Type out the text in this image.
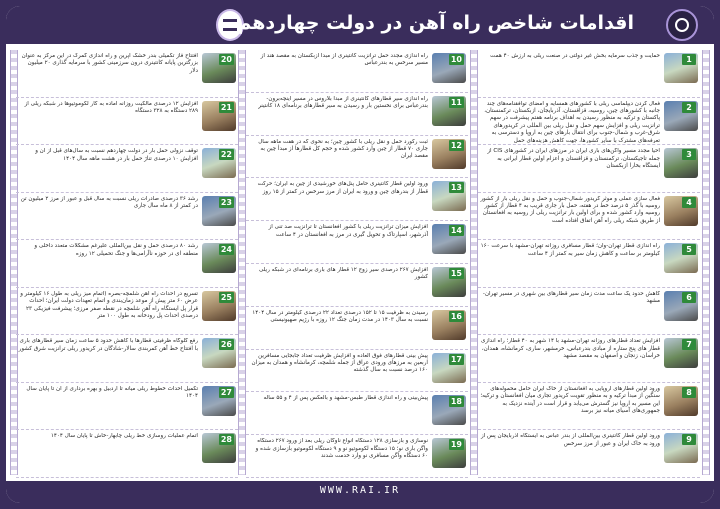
اقدامات شاخص راه آهن در دولت چهاردهم
1
حمایت و جذب سرمایه بخش غیر دولتی در صنعت ریلی به ارزش ۴۰ همت
2
فعال کردن دیپلماسی ریلی با کشورهای همسایه و امضای توافقنامه‌های چند جانبه با کشورهای چین، روسیه، قزاقستان، آذربایجان، ازبکستان، ترکمنستان، پاکستان و ترکیه به منظور رسیدن به اهداف برنامه هفتم پیشرفت در سهم ترانزیت ریلی و افزایش سهم حمل و نقل ریلی بین المللی در کریدورهای شرق-غرب و شمال-جنوب برای انتقال بارهای چین به اروپا و دسترسی به تعرفه‌های مشترک با سایر کشورها، جهت کاهش هزینه‌های حمل
3
احیا مجدد مسیر واگن‌های باری ایران در مرزهای ایران در کشورهای CIS از جمله تاجیکستان، ترکمنستان و قزاقستان و اعزام اولین قطار ایرانی به ایستگاه بخارا ازبکستان
4
فعال سازی عملی و موثر کریدور شمال-جنوب و حمل و نقل ریلی بار از کشور روسیه با گذر ۵ درصد خط در هفته، حمل بار جاری قریب به ۴ قطار از کشور روسیه وارد کشور شده و برای اولین بار ترانزیت ریلی از روسیه به افغانستان از طریق شبکه ریلی راه آهن اتفاق افتاده است
5
راه اندازی قطار تهران-وان؛ قطار مسافری روزانه تهران-مشهد با سرعت ۱۶۰ کیلومتر بر ساعت و کاهش زمان سیر به کمتر از ۴ ساعت
6
کاهش حدود یک ساعت مدت زمان سیر قطارهای بین شهری در مسیر تهران-مشهد
7
افزایش تعداد قطارهای روزانه تهران-مشهد با ۱۴ شهر به ۴۰ قطار؛ راه اندازی قطار های پنج ستاره از مبادی بندرعباس، خرمشهر، ساری، کرمانشاه، همدان، خراسان، زنجان و اصفهان به مقصد مشهد
8
ورود اولین قطارهای اروپایی به افغانستان از خاک ایران حامل محموله‌های سنگین از مبدأ ترکیه و به منظور تقویت کریدور تجاری میان افغانستان و ترکیه؛ این مسیر به اروپا نیز گسترش می‌یابد و قرار است در آینده نزدیک به جمهوری‌های آسیای میانه نیز برسد
9
ورود اولین قطار کانتینری بین‌المللی از بندر عباس به ایستگاه آذربایجان پس از ورود به خاک ایران و عبور از مرز سرخس
10
راه اندازی مجدد حمل ترانزیت کانتینری از مبدا ازبکستان به مقصد هند از مسیر سرخس به بندرعباس
11
راه اندازی سیر قطارهای کانتینری از مبدا بلاروس در مسیر اینچه‌برون-بندرعباس برای نخستین بار و رسیدن به سیر قطارهای برنامه‌ای ۱۸ کانتینر
12
ثبت رکورد حمل و نقل ریلی با کشور چین؛ به نحوی که در هفت ماهه سال جاری ۷۰ قطار از چین وارد کشور شده و حجم کل قطارها از مبدأ چین به مقصد ایران
13
ورود اولین قطار کانتینری حامل پنل‌های خورشیدی از چین به ایران؛ حرکت قطار از بندرهای چین و ورود به ایران از مرز سرخس در کمتر از ۱۵ روز
14
افزایش میزان ترانزیت ریلی با کشور افغانستان تا ترانزیت صد تنی از آذرشهر، اسپارتاک و تحویل گیری در مرز به افغانستان در ۴ ساعت
15
افزایش ۲۶۷ درصدی سیر زوج ۱۲ قطار های باری برنامه‌ای در شبکه ریلی کشور
16
رسیدن به ظرفیت ۱۵ تا ۱۵۲ درصدی تعداد ۲۲ درصدی کیلومتر در سال ۱۴۰۴ نسبت به سال ۱۴۰۳ در مدت زمان جنگ ۱۲ روزه با رژیم صهیونیستی
17
پیش بینی قطارهای فوق العاده و افزایش ظرفیت تعداد جابجایی مسافرین اربعین به مرزهای ورودی عراق از جمله شلمچه، کرمانشاه و همدان به میزان ۱۶۰ درصد نسبت به سال گذشته
18
پیش‌بینی و راه اندازی قطار طبس-مشهد و بالعکس پس از ۴ و ۵۵ ساله
19
نوسازی و بازسازی ۱۲۸ دستگاه انواع ناوگان ریلی بعد از ورود ۲۶۷ دستگاه واگن باری نو؛ ۱۵ دستگاه لکوموتیو نو و ۹ دستگاه لکوموتیو بازسازی شده و ۶۰ دستگاه واگن مسافری نو وارد خدمت شدند
20
افتتاح فاز تکمیلی بندر خشک آپرین و راه اندازی گمرک در این مرکز به عنوان بزرگترین پایانه کانتینری درون سرزمینی کشور با سرمایه گذاری ۲۰ میلیون دلار
21
افزایش ۱۲ درصدی مالکیت روزانه آماده به کار لکوموتیوها در شبکه ریلی از ۲۸۹ دستگاه به ۳۲۸ دستگاه
22
توقف نزولی حمل بار در دولت چهاردهم نسبت به سال‌های قبل از آن و افزایش ۱۰ درصدی تناژ حمل بار در هشت ماهه سال ۱۴۰۴
23
رشد ۳۶ درصدی صادرات ریلی نسبت به سال قبل و عبور از مرز ۲ میلیون تن در کمتر از ۸ ماه سال جاری
24
رشد ۸۰ درصدی حمل و نقل بین‌المللی علیرغم مشکلات متعدد داخلی و منطقه ای در حوزه ناآرامی‌ها و جنگ تحمیلی ۱۲ روزه
25
تسریع در احداث راه آهن شلمچه-بصره (اتمام میز ریلی به طول ۱۶ کیلومتر و عرض ۶۰ متر پیش از موعد زمان‌بندی و اتمام تعهدات دولت ایران؛ احداث قرار پل ایستگاه راه آهن شلمچه در نقطه صفر مرزی؛ پیشرفت فیزیکی ۲۳ درصدی احداث پل رودخانه به طول ۱۰۰ متر
26
رفع گلوگاه ظرفیتی قطارها با کاهش حدود ۵ ساعت زمان سیر قطارهای باری با افتتاح خط آهن کمربندی سالار-شادگان در کریدور ریلی ترانزیت شرق کشور
27
تکمیل احداث خطوط ریلی میانه تا اردبیل و بهره برداری از آن تا پایان سال ۱۴۰۴
28
اتمام عملیات روسازی خط ریلی چابهار-خاش تا پایان سال ۱۴۰۴
WWW.RAI.IR
